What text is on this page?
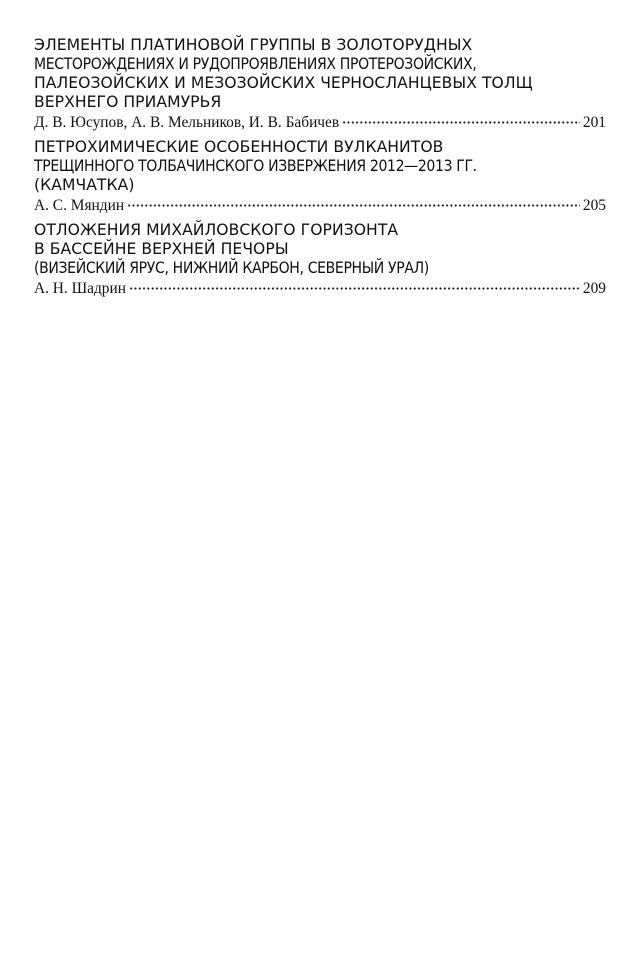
ЭЛЕМЕНТЫ ПЛАТИНОВОЙ ГРУППЫ В ЗОЛОТОРУДНЫХ
МЕСТОРОЖДЕНИЯХ И РУДОПРОЯВЛЕНИЯХ ПРОТЕРОЗОЙСКИХ,
ПАЛЕОЗОЙСКИХ И МЕЗОЗОЙСКИХ ЧЕРНОСЛАНЦЕВЫХ ТОЛЩ
ВЕРХНЕГО ПРИАМУРЬЯ
Д. В. Юсупов, А. В. Мельников, И. В. Бабичев	201
ПЕТРОХИМИЧЕСКИЕ ОСОБЕННОСТИ ВУЛКАНИТОВ
ТРЕЩИННОГО ТОЛБАЧИНСКОГО ИЗВЕРЖЕНИЯ 2012—2013 ГГ.
(КАМЧАТКА)
А. С. Мяндин	205
ОТЛОЖЕНИЯ МИХАЙЛОВСКОГО ГОРИЗОНТА
В БАССЕЙНЕ ВЕРХНЕЙ ПЕЧОРЫ
(ВИЗЕЙСКИЙ ЯРУС, НИЖНИЙ КАРБОН, СЕВЕРНЫЙ УРАЛ)
А. Н. Шадрин	209
